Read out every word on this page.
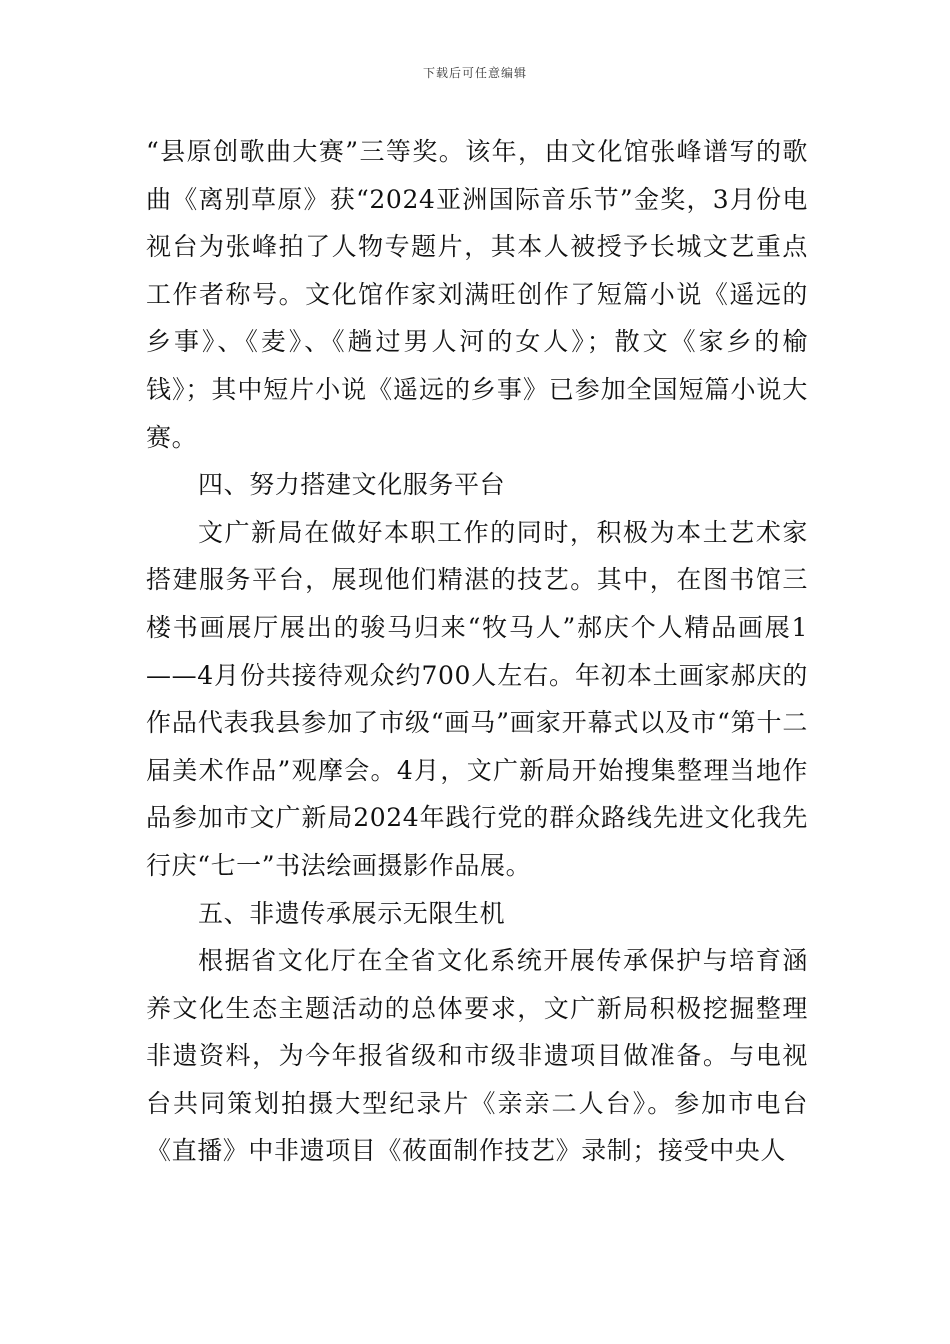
下载后可任意编辑

“县原创歌曲大赛”三等奖。该年，由文化馆张峰谱写的歌曲《离别草原》获“2024亚洲国际音乐节”金奖，3月份电视台为张峰拍了人物专题片，其本人被授予长城文艺重点工作者称号。文化馆作家刘满旺创作了短篇小说《遥远的乡事》、《麦》、《趟过男人河的女人》；散文《家乡的榆钱》；其中短片小说《遥远的乡事》已参加全国短篇小说大赛。

四、努力搭建文化服务平台

文广新局在做好本职工作的同时，积极为本土艺术家搭建服务平台，展现他们精湛的技艺。其中，在图书馆三楼书画展厅展出的骏马归来“牧马人”郝庆个人精品画展1——4月份共接待观众约700人左右。年初本土画家郝庆的作品代表我县参加了市级“画马”画家开幕式以及市“第十二届美术作品”观摩会。4月，文广新局开始搜集整理当地作品参加市文广新局2024年践行党的群众路线先进文化我先行庆“七一”书法绘画摄影作品展。

五、非遗传承展示无限生机

根据省文化厅在全省文化系统开展传承保护与培育涵养文化生态主题活动的总体要求，文广新局积极挖掘整理非遗资料，为今年报省级和市级非遗项目做准备。与电视台共同策划拍摄大型纪录片《亲亲二人台》。参加市电台《直播》中非遗项目《莜面制作技艺》录制；接受中央人
